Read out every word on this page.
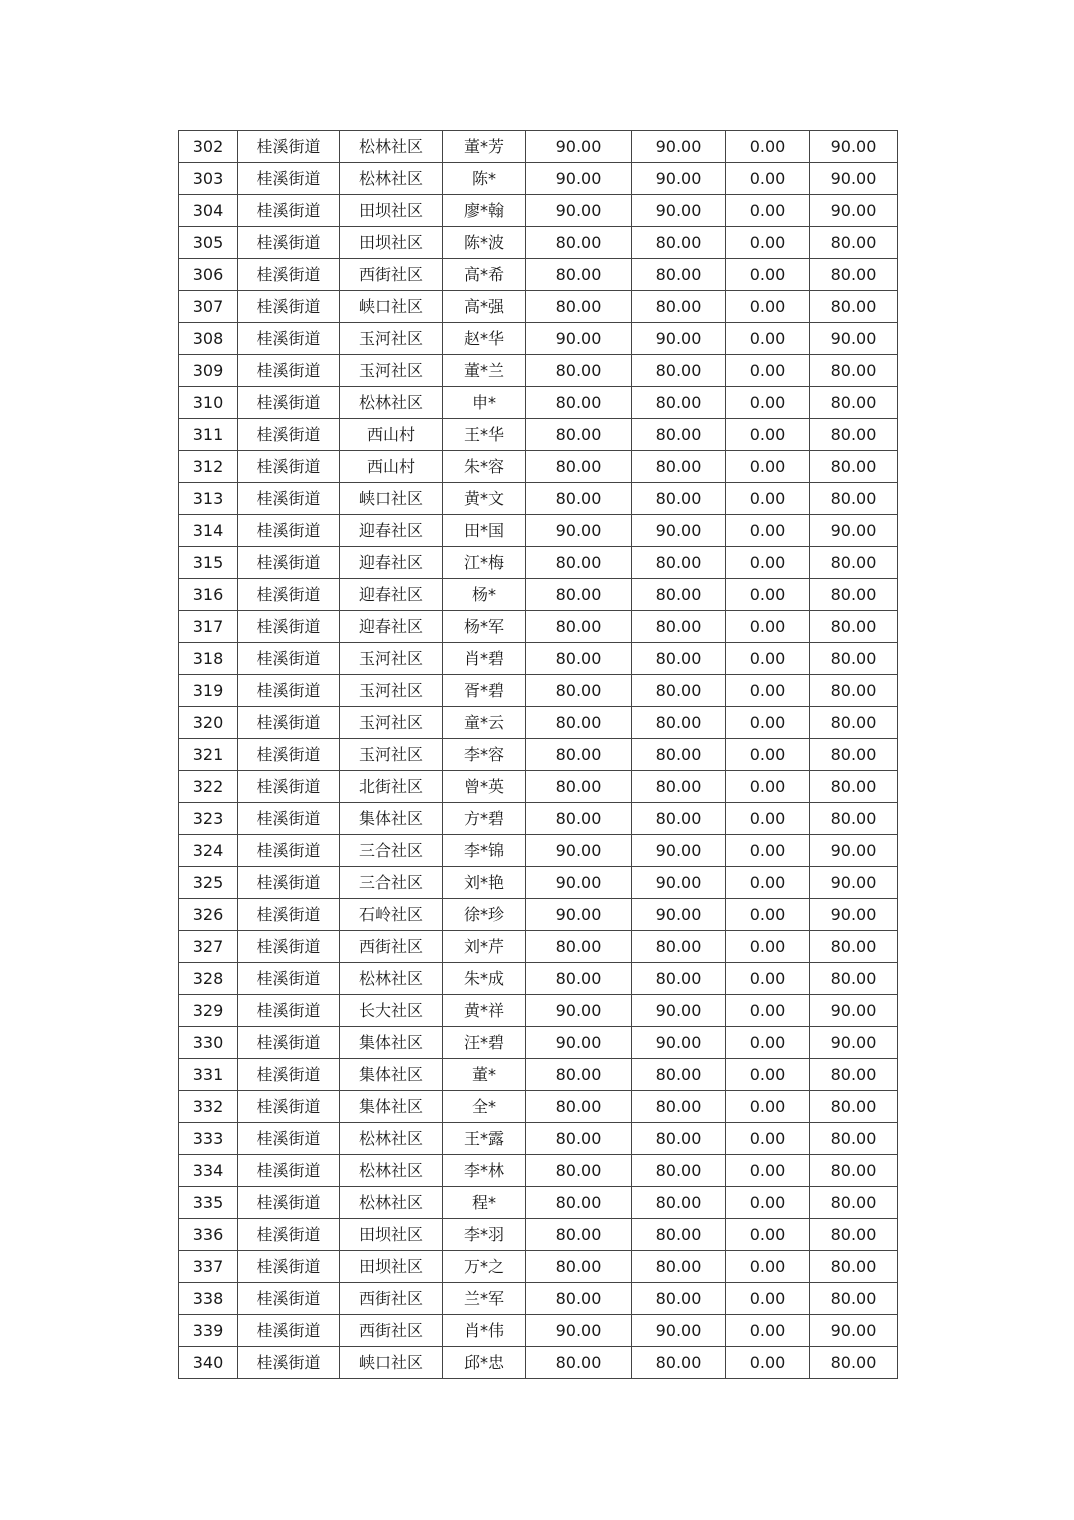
302	桂溪街道	松林社区	董*芳	90.00	90.00	0.00	90.00
303	桂溪街道	松林社区	陈*	90.00	90.00	0.00	90.00
304	桂溪街道	田坝社区	廖*翰	90.00	90.00	0.00	90.00
305	桂溪街道	田坝社区	陈*波	80.00	80.00	0.00	80.00
306	桂溪街道	西街社区	高*希	80.00	80.00	0.00	80.00
307	桂溪街道	峡口社区	高*强	80.00	80.00	0.00	80.00
308	桂溪街道	玉河社区	赵*华	90.00	90.00	0.00	90.00
309	桂溪街道	玉河社区	董*兰	80.00	80.00	0.00	80.00
310	桂溪街道	松林社区	申*	80.00	80.00	0.00	80.00
311	桂溪街道	西山村	王*华	80.00	80.00	0.00	80.00
312	桂溪街道	西山村	朱*容	80.00	80.00	0.00	80.00
313	桂溪街道	峡口社区	黄*文	80.00	80.00	0.00	80.00
314	桂溪街道	迎春社区	田*国	90.00	90.00	0.00	90.00
315	桂溪街道	迎春社区	江*梅	80.00	80.00	0.00	80.00
316	桂溪街道	迎春社区	杨*	80.00	80.00	0.00	80.00
317	桂溪街道	迎春社区	杨*军	80.00	80.00	0.00	80.00
318	桂溪街道	玉河社区	肖*碧	80.00	80.00	0.00	80.00
319	桂溪街道	玉河社区	胥*碧	80.00	80.00	0.00	80.00
320	桂溪街道	玉河社区	童*云	80.00	80.00	0.00	80.00
321	桂溪街道	玉河社区	李*容	80.00	80.00	0.00	80.00
322	桂溪街道	北街社区	曾*英	80.00	80.00	0.00	80.00
323	桂溪街道	集体社区	方*碧	80.00	80.00	0.00	80.00
324	桂溪街道	三合社区	李*锦	90.00	90.00	0.00	90.00
325	桂溪街道	三合社区	刘*艳	90.00	90.00	0.00	90.00
326	桂溪街道	石岭社区	徐*珍	90.00	90.00	0.00	90.00
327	桂溪街道	西街社区	刘*芹	80.00	80.00	0.00	80.00
328	桂溪街道	松林社区	朱*成	80.00	80.00	0.00	80.00
329	桂溪街道	长大社区	黄*祥	90.00	90.00	0.00	90.00
330	桂溪街道	集体社区	汪*碧	90.00	90.00	0.00	90.00
331	桂溪街道	集体社区	董*	80.00	80.00	0.00	80.00
332	桂溪街道	集体社区	全*	80.00	80.00	0.00	80.00
333	桂溪街道	松林社区	王*露	80.00	80.00	0.00	80.00
334	桂溪街道	松林社区	李*林	80.00	80.00	0.00	80.00
335	桂溪街道	松林社区	程*	80.00	80.00	0.00	80.00
336	桂溪街道	田坝社区	李*羽	80.00	80.00	0.00	80.00
337	桂溪街道	田坝社区	万*之	80.00	80.00	0.00	80.00
338	桂溪街道	西街社区	兰*军	80.00	80.00	0.00	80.00
339	桂溪街道	西街社区	肖*伟	90.00	90.00	0.00	90.00
340	桂溪街道	峡口社区	邱*忠	80.00	80.00	0.00	80.00
